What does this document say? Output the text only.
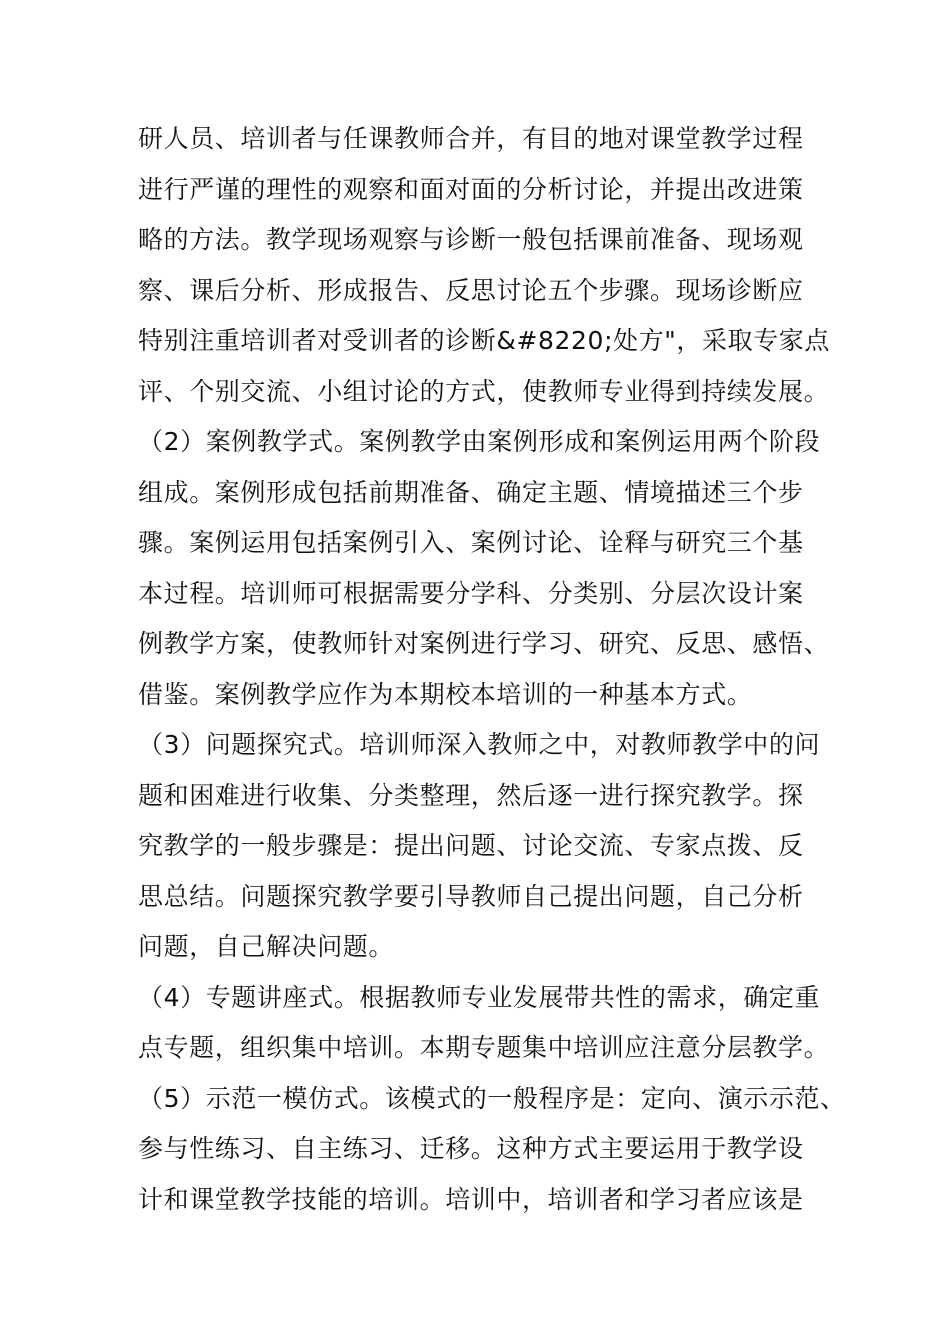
研人员、培训者与任课教师合并，有目的地对课堂教学过程
进行严谨的理性的观察和面对面的分析讨论，并提出改进策
略的方法。教学现场观察与诊断一般包括课前准备、现场观
察、课后分析、形成报告、反思讨论五个步骤。现场诊断应
特别注重培训者对受训者的诊断&#8220;处方"，采取专家点
评、个别交流、小组讨论的方式，使教师专业得到持续发展。
（2）案例教学式。案例教学由案例形成和案例运用两个阶段
组成。案例形成包括前期准备、确定主题、情境描述三个步
骤。案例运用包括案例引入、案例讨论、诠释与研究三个基
本过程。培训师可根据需要分学科、分类别、分层次设计案
例教学方案，使教师针对案例进行学习、研究、反思、感悟、
借鉴。案例教学应作为本期校本培训的一种基本方式。
（3）问题探究式。培训师深入教师之中，对教师教学中的问
题和困难进行收集、分类整理，然后逐一进行探究教学。探
究教学的一般步骤是：提出问题、讨论交流、专家点拨、反
思总结。问题探究教学要引导教师自己提出问题，自己分析
问题，自己解决问题。
（4）专题讲座式。根据教师专业发展带共性的需求，确定重
点专题，组织集中培训。本期专题集中培训应注意分层教学。
（5）示范一模仿式。该模式的一般程序是：定向、演示示范、
参与性练习、自主练习、迁移。这种方式主要运用于教学设
计和课堂教学技能的培训。培训中，培训者和学习者应该是
